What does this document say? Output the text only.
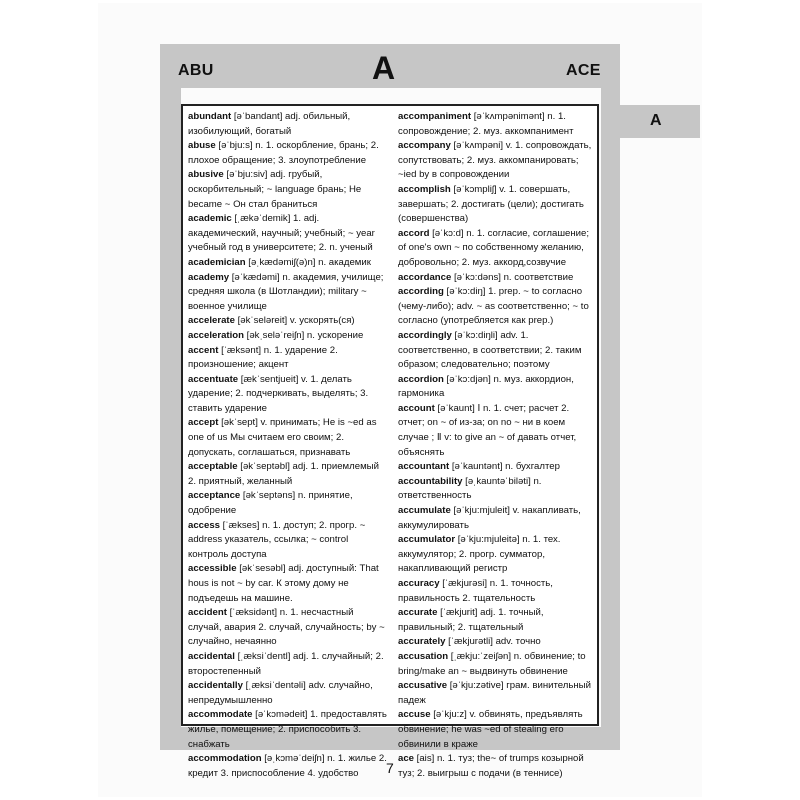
ABU	A	ACE
A

abundant [əˈbandant] adj. обильный, изобилующий, богатый

abuse [əˈbju:s] n. 1. оскорбление, брань; 2. плохое обращение; 3. злоупотребление

abusive [əˈbju:siv] adj. грубый, оскорбительный; ~ language брань; He became ~ Он стал браниться

academic [ˌækəˈdemik] 1. adj. академический, научный; учебный; ~ year учебный год в университете; 2. n. ученый

academician [əˌkædəmiʃ(ə)n] n. академик

academy [əˈkædəmi] n. академия, училище; средняя школа (в Шотландии); military ~ военное училище

accelerate [əkˈseləreit] v. ускорять(ся)

acceleration [əkˌseləˈreiʃn] n. ускорение

accent [ˈæksənt] n. 1. ударение 2. произношение; акцент

accentuate [ækˈsentjueit] v. 1. делать ударение; 2. подчеркивать, выделять; 3. ставить ударение

accept [əkˈsept] v. принимать; He is ~ed as one of us Мы считаем его своим; 2. допускать, соглашаться, признавать

acceptable [əkˈseptəbl] adj. 1. приемлемый 2. приятный, желанный

acceptance [əkˈseptəns] n. принятие, одобрение

access [ˈækses] n. 1. доступ; 2. прогр. ~ address указатель, ссылка; ~ control контроль доступа

accessible [əkˈsesəbl] adj. доступный: That hous is not ~ by car. К этому дому не подъедешь на машине.

accident [ˈæksidənt] n. 1. несчастный случай, авария 2. случай, случайность; by ~ случайно, нечаянно

accidental [ˌæksiˈdentl] adj. 1. случайный; 2. второстепенный

accidentally [ˌæksiˈdentəli] adv. случайно, непредумышленно

accommodate [əˈkɔmədeit] 1. предоставлять жилье, помещение; 2. приспособить 3. снабжать

accommodation [əˌkɔməˈdeiʃn] n. 1. жилье 2. кредит 3. приспособление 4. удобство

accompaniment [əˈkʌmpənimənt] n. 1. сопровождение; 2. муз. аккомпанимент

accompany [əˈkʌmpəni] v. 1. сопровождать, сопутствовать; 2. муз. аккомпанировать; ~ied by в сопровождении

accomplish [əˈkɔmpliʃ] v. 1. совершать, завершать; 2. достигать (цели); достигать (совершенства)

accord [əˈkɔ:d] n. 1. согласие, соглашение; of one's own ~ по собственному желанию, добровольно; 2. муз. аккорд,созвучие

accordance [əˈkɔ:dəns] n. соответствие

according [əˈkɔ:diŋ] 1. prep. ~ to согласно (чему-либо); adv. ~ as соответственно; ~ to согласно (употребляется как prep.)

accordingly [əˈkɔ:diŋli] adv. 1. соответственно, в соответствии; 2. таким образом; следовательно; поэтому

accordion [əˈkɔ:djən] n. муз. аккордион, гармоника

account [əˈkaunt] Ⅰ n. 1. счет; расчет 2. отчет; on ~ of из-за; on no ~ ни в коем случае ; Ⅱ v: to give an ~ of давать отчет, объяснять

accountant [əˈkauntənt] n. бухгалтер

accountability [əˌkauntəˈbiləti] n. ответственность

accumulate [əˈkju:mjuleit] v. накапливать, аккумулировать

accumulator [əˈkju:mjuleitə] n. 1. тех. аккумулятор; 2. прогр. сумматор, накапливающий регистр

accuracy [ˈækjurəsi] n. 1. точность, правильность 2. тщательность

accurate [ˈækjurit] adj. 1. точный, правильный; 2. тщательный

accurately [ˈækjurətli] adv. точно

accusation [ˌækju:ˈzeiʃən] n. обвинение; to bring/make an ~ выдвинуть обвинение

accusative [əˈkju:zətive] грам. винительный падеж

accuse [əˈkju:z] v. обвинять, предъявлять обвинение; he was ~ed of stealing его обвинили в краже

ace [ais] n. 1. туз; the~ of trumps козырной туз; 2. выигрыш с подачи (в теннисе)

7
